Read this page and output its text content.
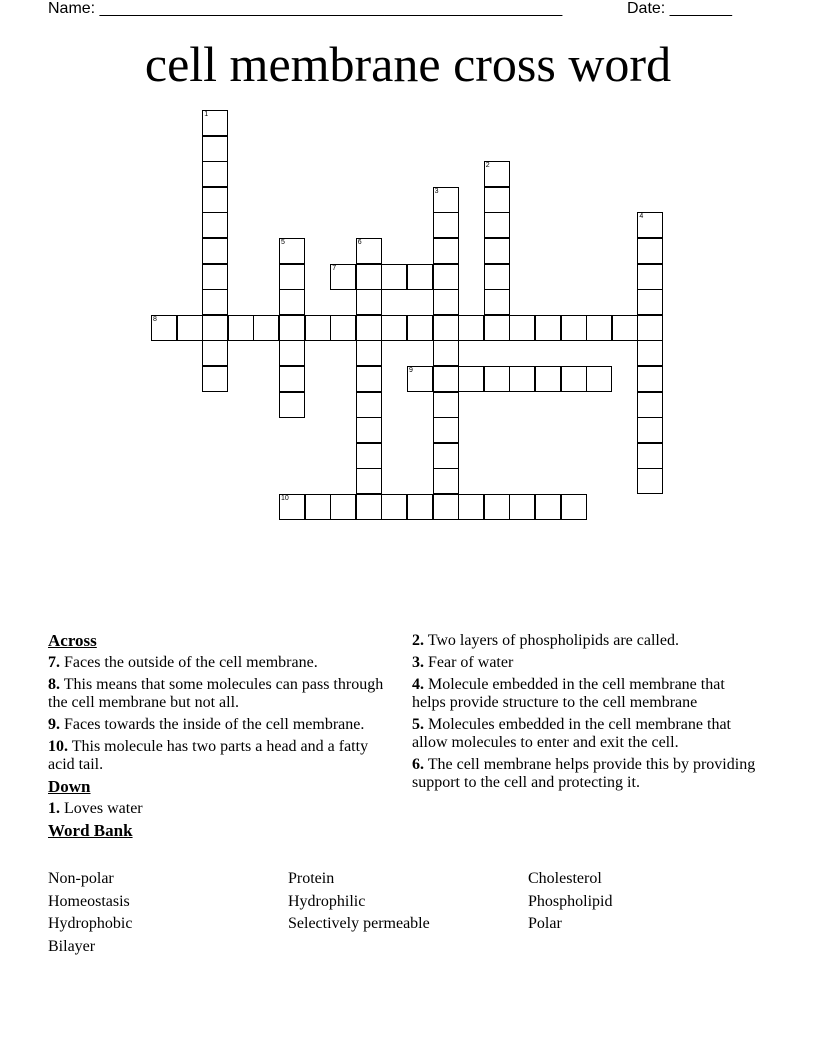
Name: ____________________________________________________	Date: _______
cell membrane cross word
1
2
3
4
5	6
7
8
9
10
Across
7. Faces the outside of the cell membrane.
8. This means that some molecules can pass through the cell membrane but not all.
9. Faces towards the inside of the cell membrane.
10. This molecule has two parts a head and a fatty acid tail.
Down
1. Loves water
Word Bank
2. Two layers of phospholipids are called.
3. Fear of water
4. Molecule embedded in the cell membrane that helps provide structure to the cell membrane
5. Molecules embedded in the cell membrane that allow molecules to enter and exit the cell.
6. The cell membrane helps provide this by providing support to the cell and protecting it.
Non-polar
Homeostasis
Hydrophobic
Bilayer
Protein
Hydrophilic
Selectively permeable
Cholesterol
Phospholipid
Polar
